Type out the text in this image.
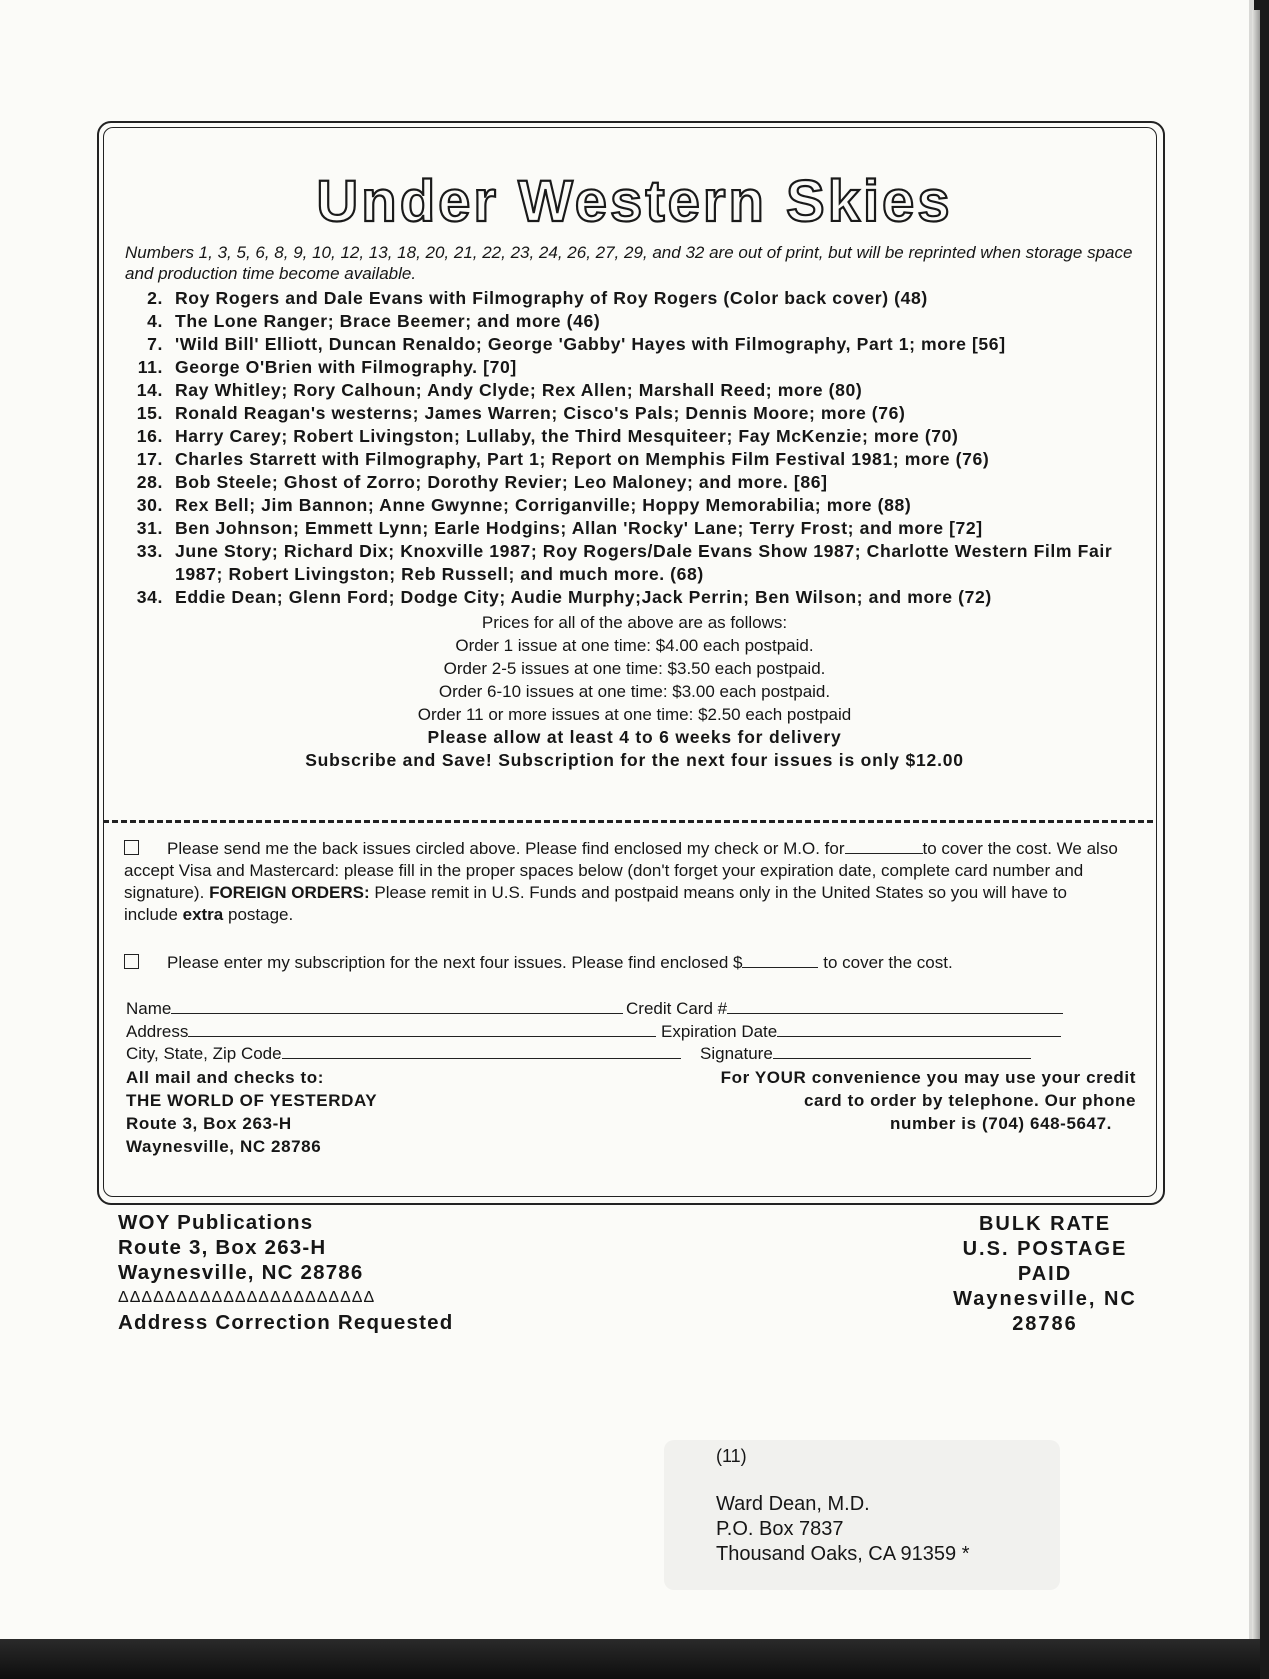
Under Western Skies

Numbers 1, 3, 5, 6, 8, 9, 10, 12, 13, 18, 20, 21, 22, 23, 24, 26, 27, 29, and 32 are out of print, but will be reprinted when storage space and production time become available.

2. Roy Rogers and Dale Evans with Filmography of Roy Rogers (Color back cover) (48)
4. The Lone Ranger; Brace Beemer; and more (46)
7. 'Wild Bill' Elliott, Duncan Renaldo; George 'Gabby' Hayes with Filmography, Part 1; more [56]
11. George O'Brien with Filmography. [70]
14. Ray Whitley; Rory Calhoun; Andy Clyde; Rex Allen; Marshall Reed; more (80)
15. Ronald Reagan's westerns; James Warren; Cisco's Pals; Dennis Moore; more (76)
16. Harry Carey; Robert Livingston; Lullaby, the Third Mesquiteer; Fay McKenzie; more (70)
17. Charles Starrett with Filmography, Part 1; Report on Memphis Film Festival 1981; more (76)
28. Bob Steele; Ghost of Zorro; Dorothy Revier; Leo Maloney; and more. [86]
30. Rex Bell; Jim Bannon; Anne Gwynne; Corriganville; Hoppy Memorabilia; more (88)
31. Ben Johnson; Emmett Lynn; Earle Hodgins; Allan 'Rocky' Lane; Terry Frost; and more [72]
33. June Story; Richard Dix; Knoxville 1987; Roy Rogers/Dale Evans Show 1987; Charlotte Western Film Fair 1987; Robert Livingston; Reb Russell; and much more. (68)
34. Eddie Dean; Glenn Ford; Dodge City; Audie Murphy;Jack Perrin; Ben Wilson; and more (72)
Prices for all of the above are as follows:
Order 1 issue at one time: $4.00 each postpaid.
Order 2-5 issues at one time: $3.50 each postpaid.
Order 6-10 issues at one time: $3.00 each postpaid.
Order 11 or more issues at one time: $2.50 each postpaid
Please allow at least 4 to 6 weeks for delivery
Subscribe and Save! Subscription for the next four issues is only $12.00

Please send me the back issues circled above. Please find enclosed my check or M.O. for	to cover the cost. We also accept Visa and Mastercard: please fill in the proper spaces below (don't forget your expiration date, complete card number and signature). FOREIGN ORDERS: Please remit in U.S. Funds and postpaid means only in the United States so you will have to include extra postage.

Please enter my subscription for the next four issues. Please find enclosed $	to cover the cost.

Name	Credit Card #
Address	Expiration Date
City, State, Zip Code	Signature
All mail and checks to:
THE WORLD OF YESTERDAY
Route 3, Box 263-H
Waynesville, NC 28786
For YOUR convenience you may use your credit
card to order by telephone. Our phone
number is (704) 648-5647.
WOY Publications
Route 3, Box 263-H
Waynesville, NC 28786
ΔΔΔΔΔΔΔΔΔΔΔΔΔΔΔΔΔΔΔΔΔΔ
Address Correction Requested
BULK RATE
U.S. POSTAGE
PAID
Waynesville, NC
28786
(11)
Ward Dean, M.D.
P.O. Box 7837
Thousand Oaks, CA 91359 *
